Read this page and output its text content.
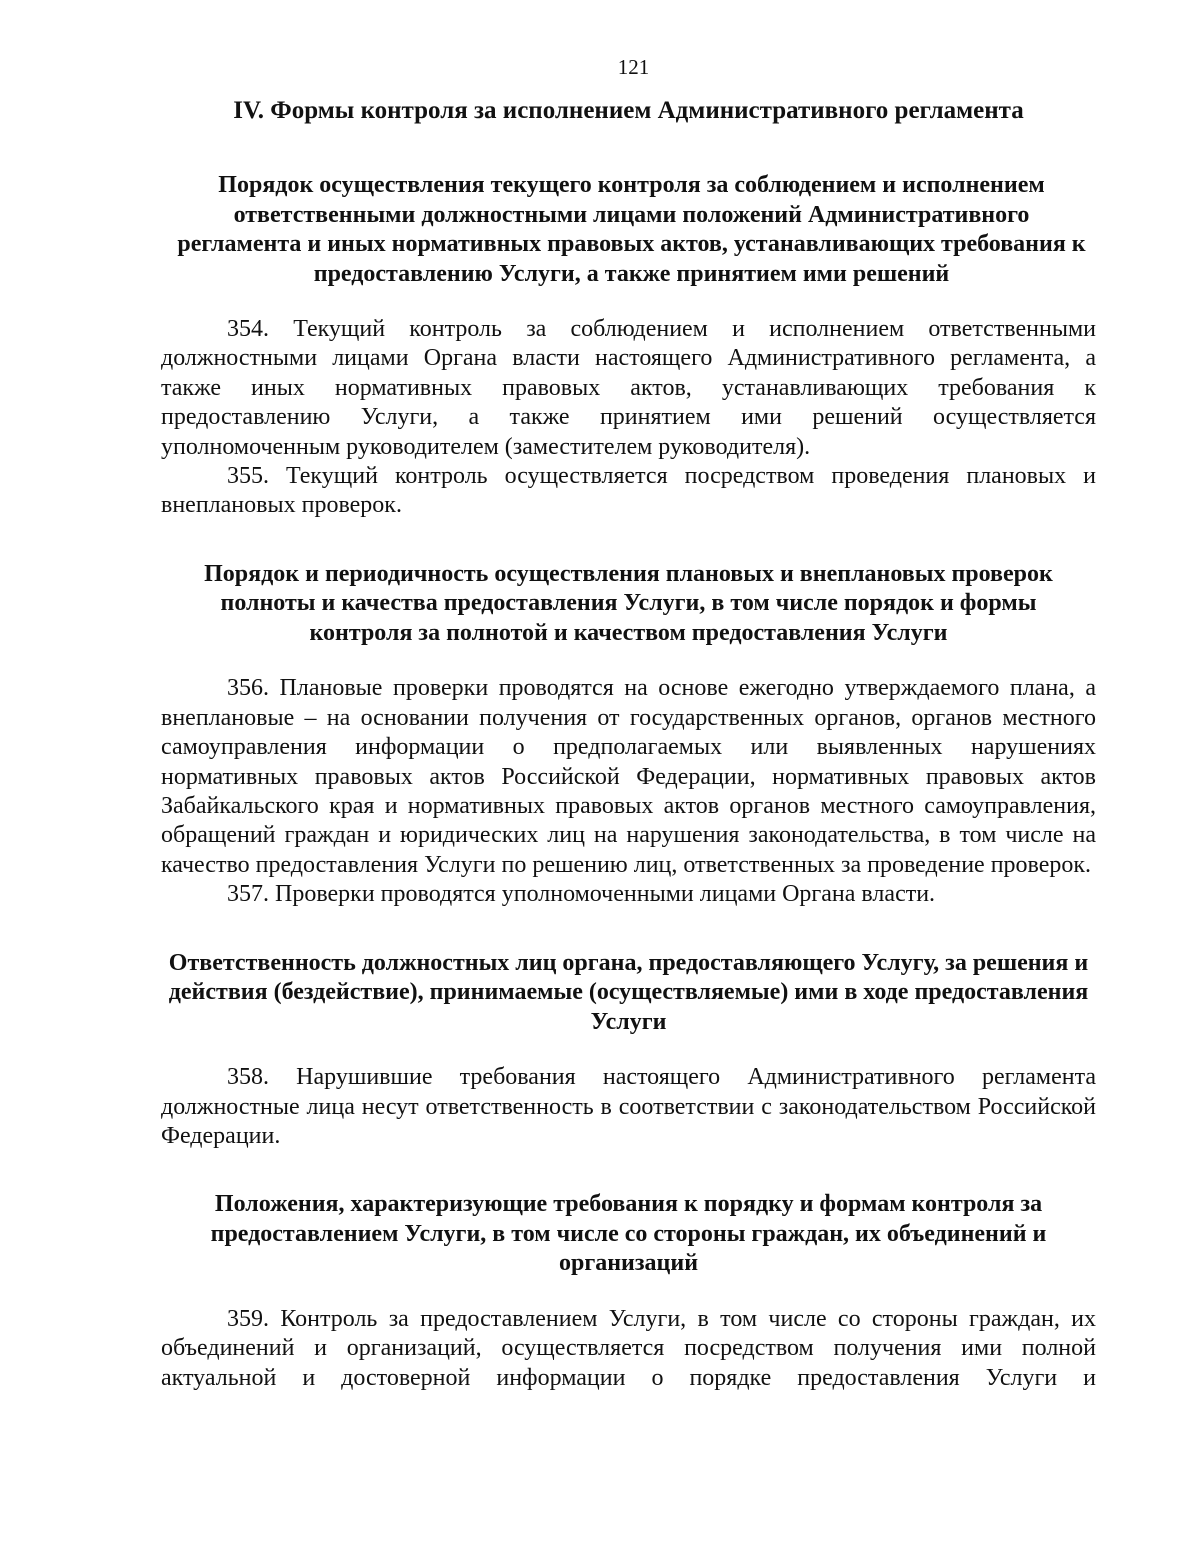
121
IV. Формы контроля за исполнением Административного регламента
Порядок осуществления текущего контроля за соблюдением и исполнением ответственными должностными лицами положений Административного регламента и иных нормативных правовых актов, устанавливающих требования к предоставлению Услуги, а также принятием ими решений

354. Текущий контроль за соблюдением и исполнением ответственными должностными лицами Органа власти настоящего Административного регламента, а также иных нормативных правовых актов, устанавливающих требования к предоставлению Услуги, а также принятием ими решений осуществляется уполномоченным руководителем (заместителем руководителя).

355. Текущий контроль осуществляется посредством проведения плановых и внеплановых проверок.

Порядок и периодичность осуществления плановых и внеплановых проверок полноты и качества предоставления Услуги, в том числе порядок и формы контроля за полнотой и качеством предоставления Услуги

356. Плановые проверки проводятся на основе ежегодно утверждаемого плана, а внеплановые – на основании получения от государственных органов, органов местного самоуправления информации о предполагаемых или выявленных нарушениях нормативных правовых актов Российской Федерации, нормативных правовых актов Забайкальского края и нормативных правовых актов органов местного самоуправления, обращений граждан и юридических лиц на нарушения законодательства, в том числе на качество предоставления Услуги по решению лиц, ответственных за проведение проверок.

357. Проверки проводятся уполномоченными лицами Органа власти.

Ответственность должностных лиц органа, предоставляющего Услугу, за решения и действия (бездействие), принимаемые (осуществляемые) ими в ходе предоставления Услуги

358. Нарушившие требования настоящего Административного регламента должностные лица несут ответственность в соответствии с законодательством Российской Федерации.

Положения, характеризующие требования к порядку и формам контроля за предоставлением Услуги, в том числе со стороны граждан, их объединений и организаций

359. Контроль за предоставлением Услуги, в том числе со стороны граждан, их объединений и организаций, осуществляется посредством получения ими полной актуальной и достоверной информации о порядке предоставления Услуги и
